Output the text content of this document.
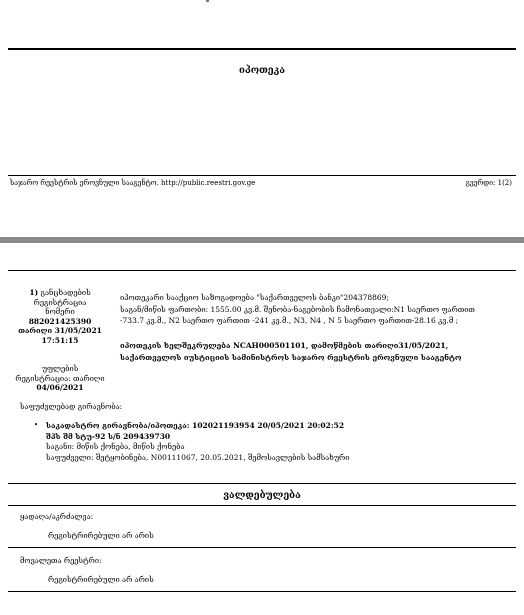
იპოთეკა
საჯარო რეესტრის ეროვნული სააგენტო. http://public.reestri.gov.ge	გვერდი: 1(2)
1) განცხადების
რეგისტრაცია
ნომერი
882021425390
თარიღი 31/05/2021
17:51:15
უფლების
რეგისტრაცია: თარიღი
04/06/2021
იპოთეკარი სააქციო საზოგადოება "საქართველოს ბანკი"204378869;
საგან/მიწის ფართობი: 1555.00 კვ.მ. შენობა-ნაგებობის ჩამონათვალი:N1 საერთო ფართით
-733.7 კვ.მ., N2 საერთო ფართით -241 კვ.მ., N3, N4 , N 5 საერთო ფართით-28.16 კვ.მ ;
იპოთეკის ხელშეკრულება NCAH000501101, დამოწმების თარიღი31/05/2021,
საქართველოს იუსტიციის სამინისტროს საჯარო რეესტრის ეროვნული სააგენტო
საფუძვლებად გირავნობა:
• საკადასტრო გირავნობა/იპოთეკა: 102021193954 20/05/2021 20:02:52
შპს შმ სტუ-92 ს/ნ 209439730
საგანი: მიწის ქონება, მიწის ქონება
საფუძველი: შეტყობინება, N00111067, 20.05.2021, შემოსავლების სამსახური
ვალდებულება
ყადაღა/აკრძალვა:
რეგისტრირებული არ არის
მოვალეთა რეესტრი:
რეგისტრირებული არ არის
